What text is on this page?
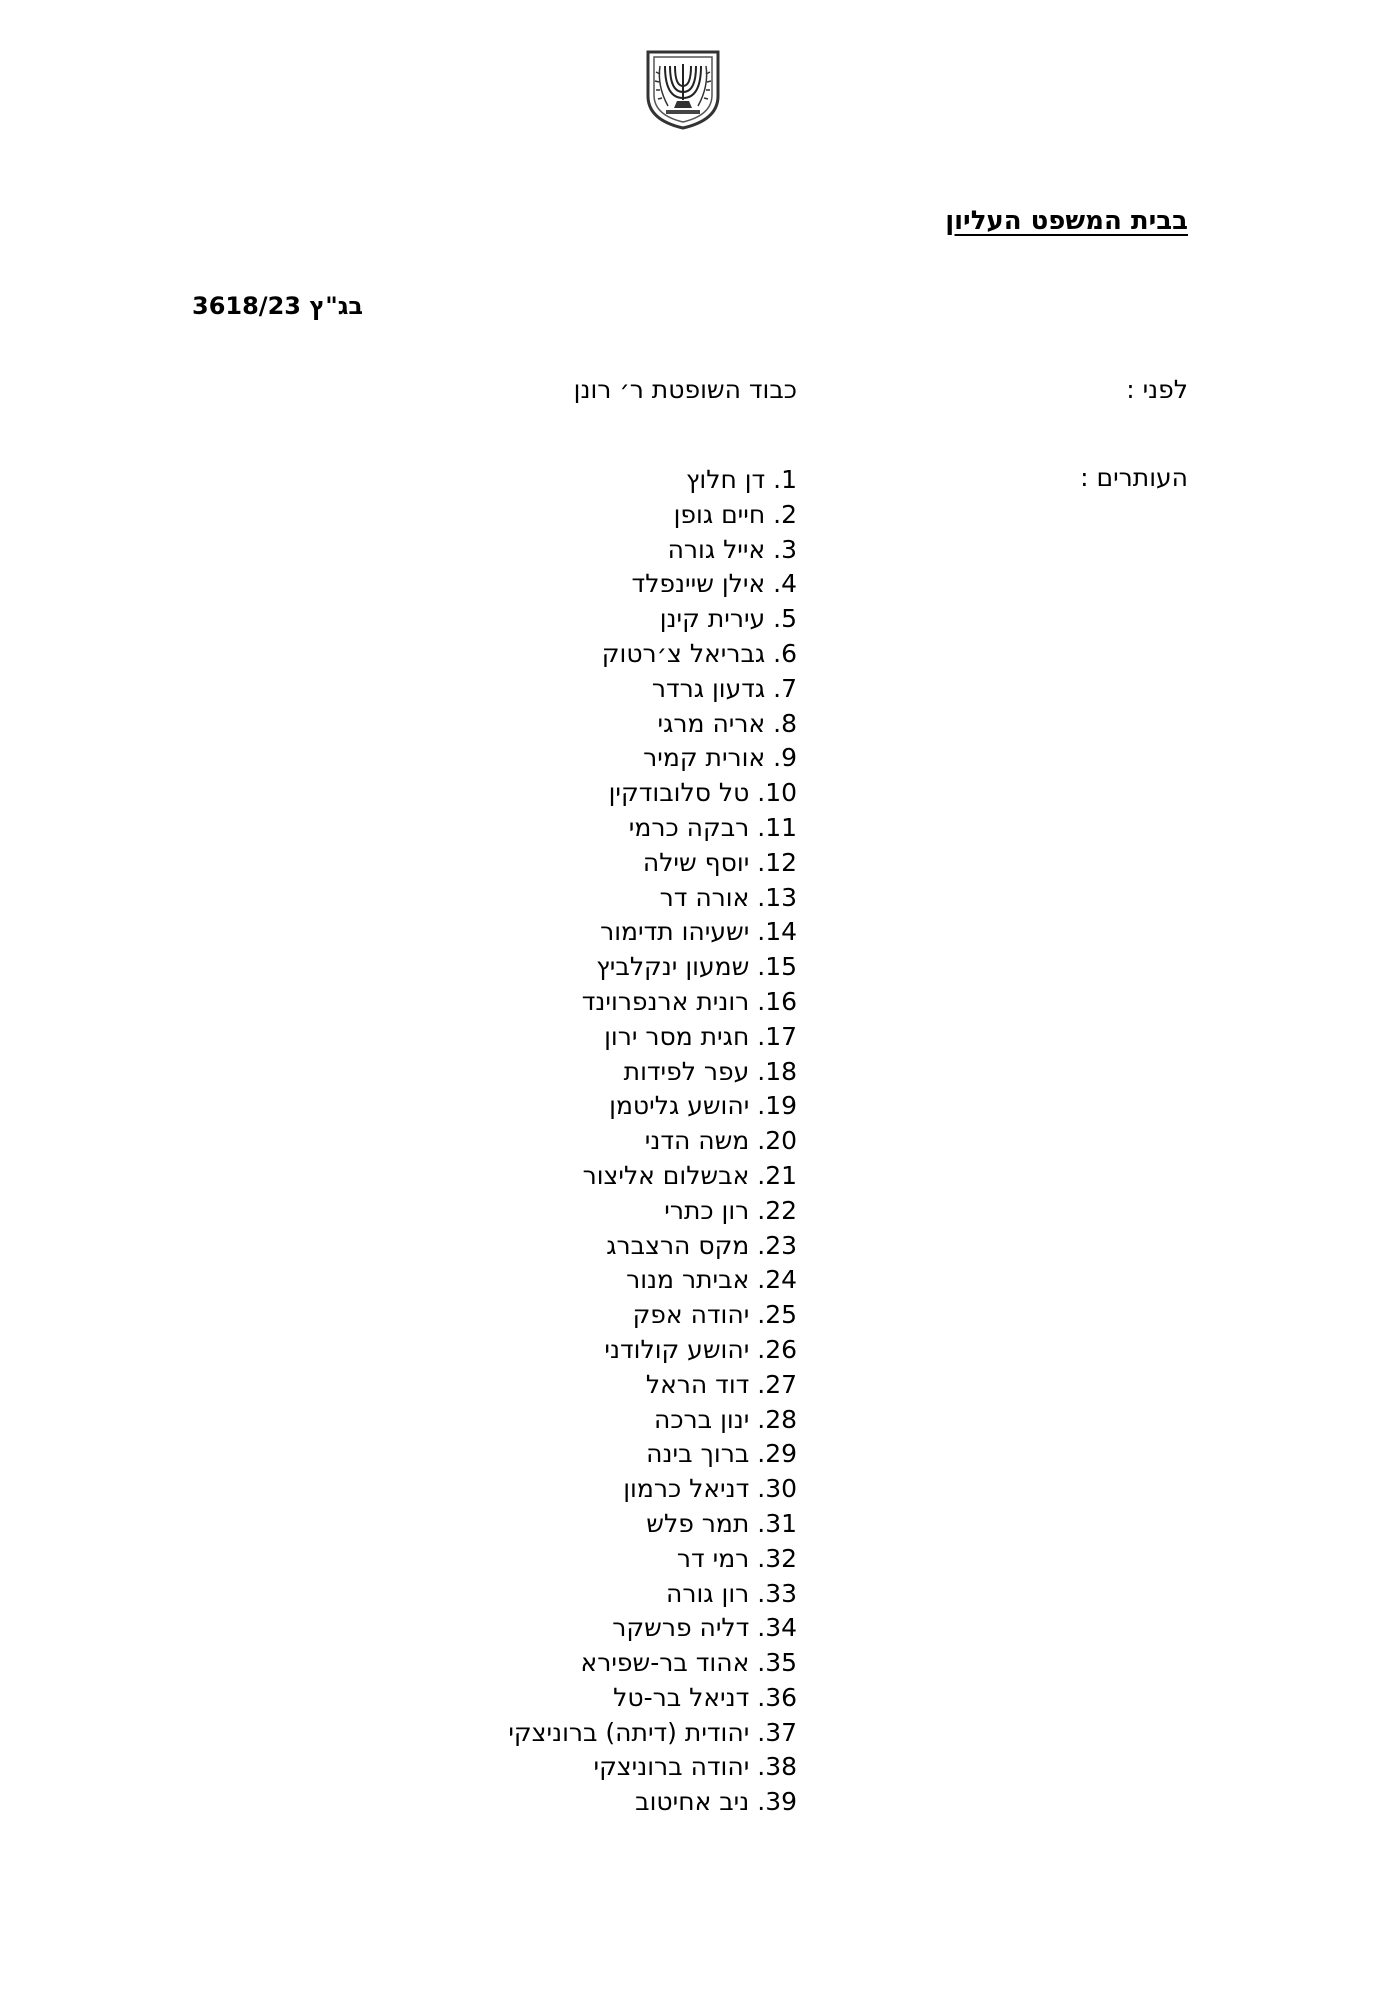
בבית המשפט העליון
בג"ץ 3618/23
לפני :
כבוד השופטת ר׳ רונן
העותרים :
1. דן חלוץ
2. חיים גופן
3. אייל גורה
4. אילן שיינפלד
5. עירית קינן
6. גבריאל צ׳רטוק
7. גדעון גרדר
8. אריה מרגי
9. אורית קמיר
10. טל סלובודקין
11. רבקה כרמי
12. יוסף שילה
13. אורה דר
14. ישעיהו תדימור
15. שמעון ינקלביץ
16. רונית ארנפרוינד
17. חגית מסר ירון
18. עפר לפידות
19. יהושע גליטמן
20. משה הדני
21. אבשלום אליצור
22. רון כתרי
23. מקס הרצברג
24. אביתר מנור
25. יהודה אפק
26. יהושע קולודני
27. דוד הראל
28. ינון ברכה
29. ברוך בינה
30. דניאל כרמון
31. תמר פלש
32. רמי דר
33. רון גורה
34. דליה פרשקר
35. אהוד בר-שפירא
36. דניאל בר-טל
37. יהודית (דיתה) ברוניצקי
38. יהודה ברוניצקי
39. ניב אחיטוב
